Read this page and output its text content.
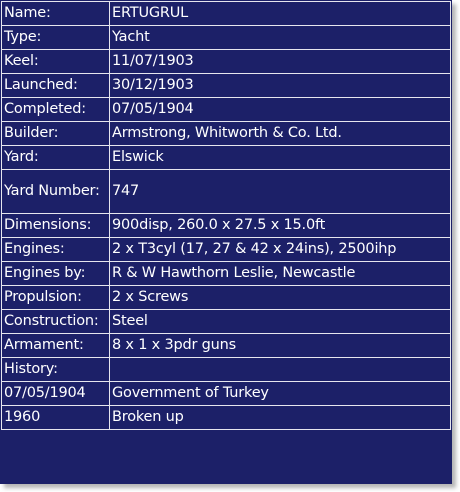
Name:	ERTUGRUL
Type:	Yacht
Keel:	11/07/1903
Launched:	30/12/1903
Completed:	07/05/1904
Builder:	Armstrong, Whitworth & Co. Ltd.
Yard:	Elswick
Yard Number:	747
Dimensions:	900disp, 260.0 x 27.5 x 15.0ft
Engines:	2 x T3cyl (17, 27 & 42 x 24ins), 2500ihp
Engines by:	R & W Hawthorn Leslie, Newcastle
Propulsion:	2 x Screws
Construction:	Steel
Armament:	8 x 1 x 3pdr guns
History:	
07/05/1904	Government of Turkey
1960	Broken up
